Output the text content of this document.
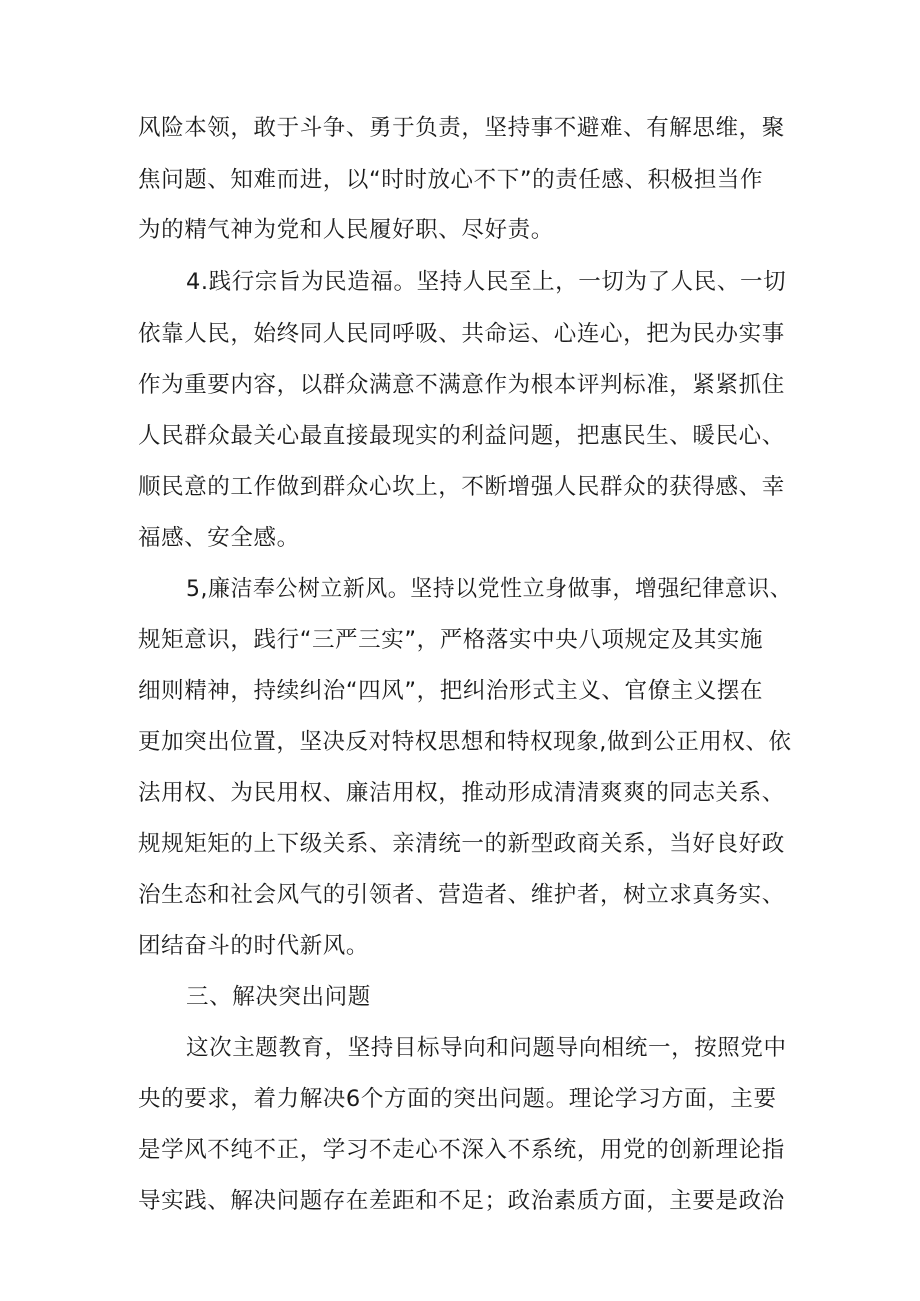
风险本领，敢于斗争、勇于负责，坚持事不避难、有解思维，聚
焦问题、知难而进，以“时时放心不下”的责任感、积极担当作
为的精气神为党和人民履好职、尽好责。
4.践行宗旨为民造福。坚持人民至上，一切为了人民、一切
依靠人民，始终同人民同呼吸、共命运、心连心，把为民办实事
作为重要内容，以群众满意不满意作为根本评判标准，紧紧抓住
人民群众最关心最直接最现实的利益问题，把惠民生、暖民心、
顺民意的工作做到群众心坎上，不断增强人民群众的获得感、幸
福感、安全感。
5,廉洁奉公树立新风。坚持以党性立身做事，增强纪律意识、
规矩意识，践行“三严三实”，严格落实中央八项规定及其实施
细则精神，持续纠治“四风”，把纠治形式主义、官僚主义摆在
更加突出位置，坚决反对特权思想和特权现象,做到公正用权、依
法用权、为民用权、廉洁用权，推动形成清清爽爽的同志关系、
规规矩矩的上下级关系、亲清统一的新型政商关系，当好良好政
治生态和社会风气的引领者、营造者、维护者，树立求真务实、
团结奋斗的时代新风。
三、解决突出问题
这次主题教育，坚持目标导向和问题导向相统一，按照党中
央的要求，着力解决6个方面的突出问题。理论学习方面，主要
是学风不纯不正，学习不走心不深入不系统，用党的创新理论指
导实践、解决问题存在差距和不足；政治素质方面，主要是政治
